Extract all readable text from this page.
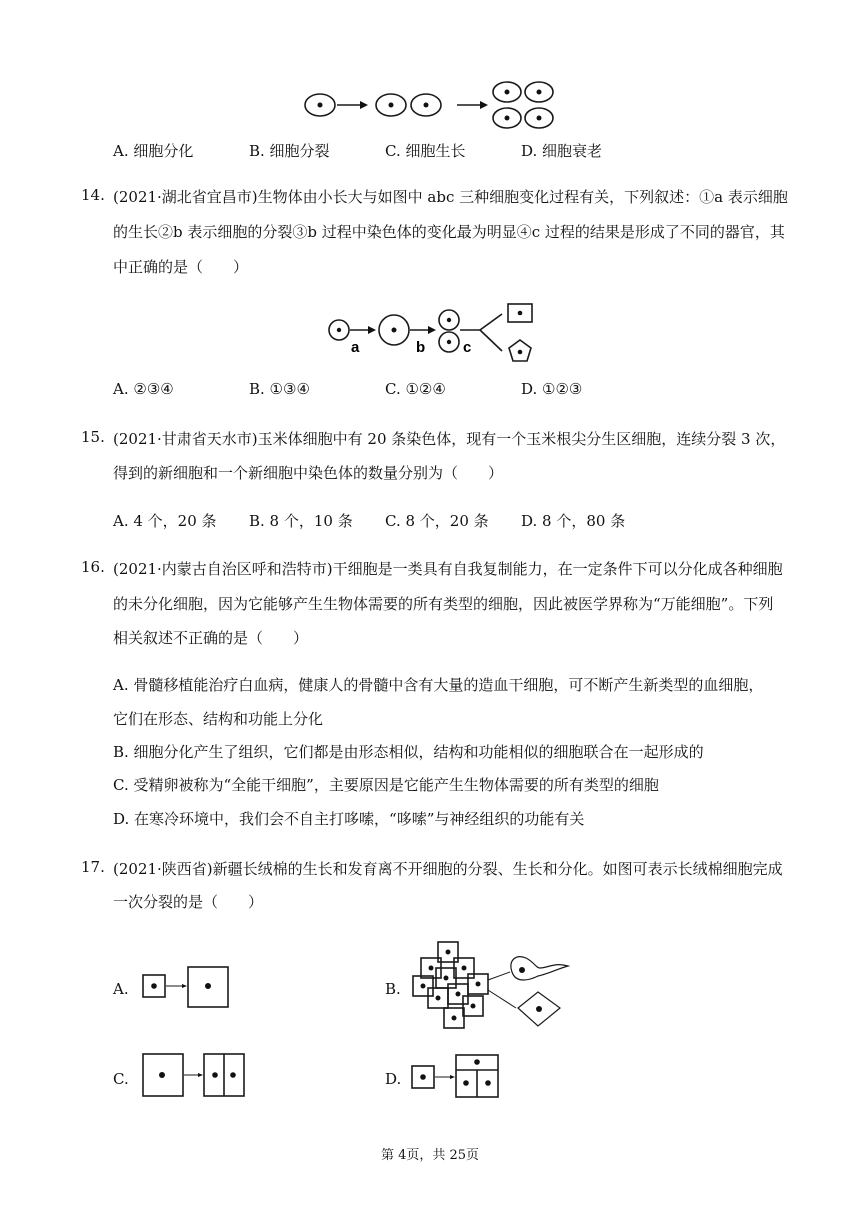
A. 细胞分化	B. 细胞分裂	C. 细胞生长	D. 细胞衰老
14. (2021·湖北省宜昌市)生物体由小长大与如图中 abc 三种细胞变化过程有关，下列叙述：①a 表示细胞
的生长②b 表示细胞的分裂③b 过程中染色体的变化最为明显④c 过程的结果是形成了不同的器官，其
中正确的是（　　）
a	b	c
A. ②③④	B. ①③④	C. ①②④	D. ①②③
15. (2021·甘肃省天水市)玉米体细胞中有 20 条染色体，现有一个玉米根尖分生区细胞，连续分裂 3 次，
得到的新细胞和一个新细胞中染色体的数量分别为（　　）
A. 4 个，20 条 B. 8 个，10 条 C. 8 个，20 条 D. 8 个，80 条
16. (2021·内蒙古自治区呼和浩特市)干细胞是一类具有自我复制能力，在一定条件下可以分化成各种细胞
的未分化细胞，因为它能够产生生物体需要的所有类型的细胞，因此被医学界称为“万能细胞”。下列
相关叙述不正确的是（　　）
A. 骨髓移植能治疗白血病，健康人的骨髓中含有大量的造血干细胞，可不断产生新类型的血细胞，
它们在形态、结构和功能上分化
B. 细胞分化产生了组织，它们都是由形态相似，结构和功能相似的细胞联合在一起形成的
C. 受精卵被称为“全能干细胞”，主要原因是它能产生生物体需要的所有类型的细胞
D. 在寒冷环境中，我们会不自主打哆嗦，“哆嗦”与神经组织的功能有关
17. (2021·陕西省)新疆长绒棉的生长和发育离不开细胞的分裂、生长和分化。如图可表示长绒棉细胞完成
一次分裂的是（　　）
A.	B.
C.	D.
第 4页，共 25页
